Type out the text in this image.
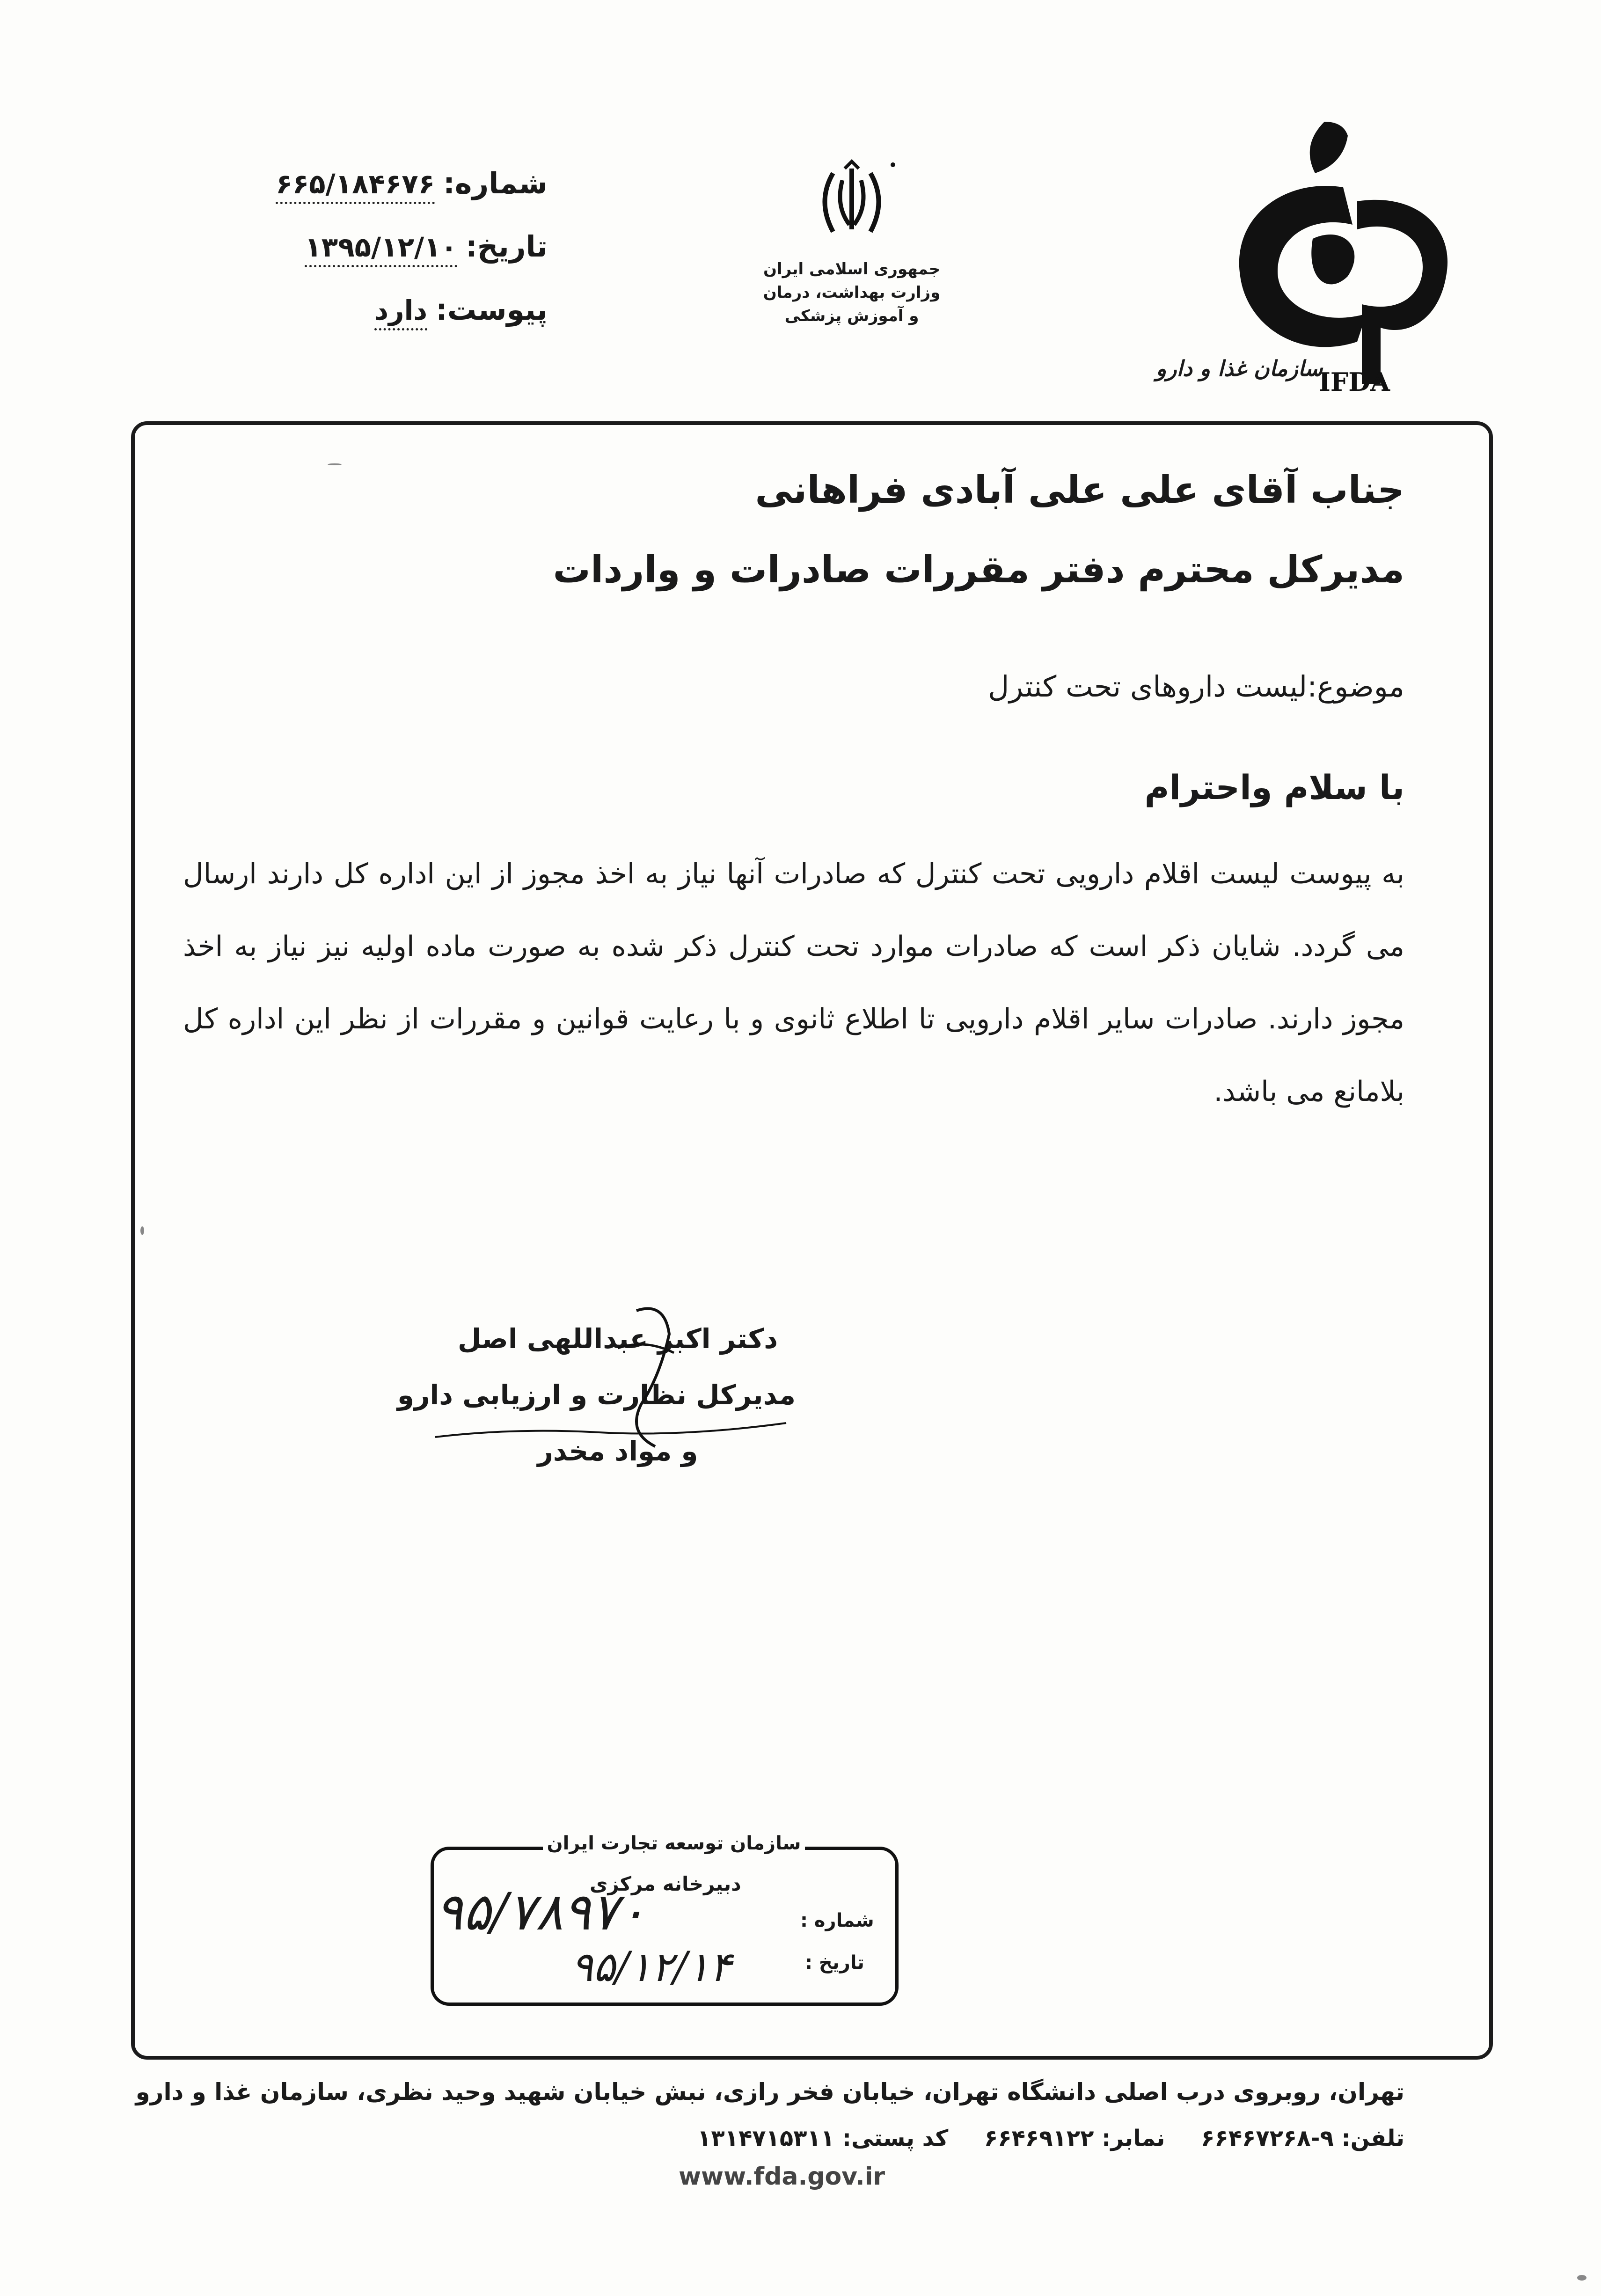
شماره:
۶۶۵/۱۸۴۶۷۶
تاریخ:
۱۳۹۵/۱۲/۱۰
پیوست:
دارد
جمهوری اسلامی ایران
وزارت بهداشت، درمان
و آموزش پزشکی
IFDA
سازمان غذا و دارو
جناب آقای علی علی آبادی فراهانی
مدیرکل محترم دفتر مقررات صادرات و واردات
موضوع:لیست داروهای تحت کنترل
با سلام واحترام
به پیوست لیست اقلام دارویی تحت کنترل که صادرات آنها نیاز به اخذ مجوز از این اداره کل دارند ارسال می گردد. شایان ذکر است که صادرات موارد تحت کنترل ذکر شده به صورت ماده اولیه نیز نیاز به اخذ مجوز دارند. صادرات سایر اقلام دارویی تا اطلاع ثانوی و با رعایت قوانین و مقررات از نظر این اداره کل بلامانع می باشد.
دکتر اکبر عبداللهی اصل
مدیرکل نظارت و ارزیابی دارو
و مواد مخدر
سازمان توسعه تجارت ایران
دبیرخانه مرکزی
شماره :
تاریخ :
۹۵/۷۸۹۷۰
۹۵/۱۲/۱۴
تهران، روبروی درب اصلی دانشگاه تهران، خیابان فخر رازی، نبش خیابان شهید وحید نظری، سازمان غذا و دارو
تلفن: ۹-۶۶۴۶۷۲۶۸ نمابر: ۶۶۴۶۹۱۲۲ کد پستی: ۱۳۱۴۷۱۵۳۱۱
www.fda.gov.ir
